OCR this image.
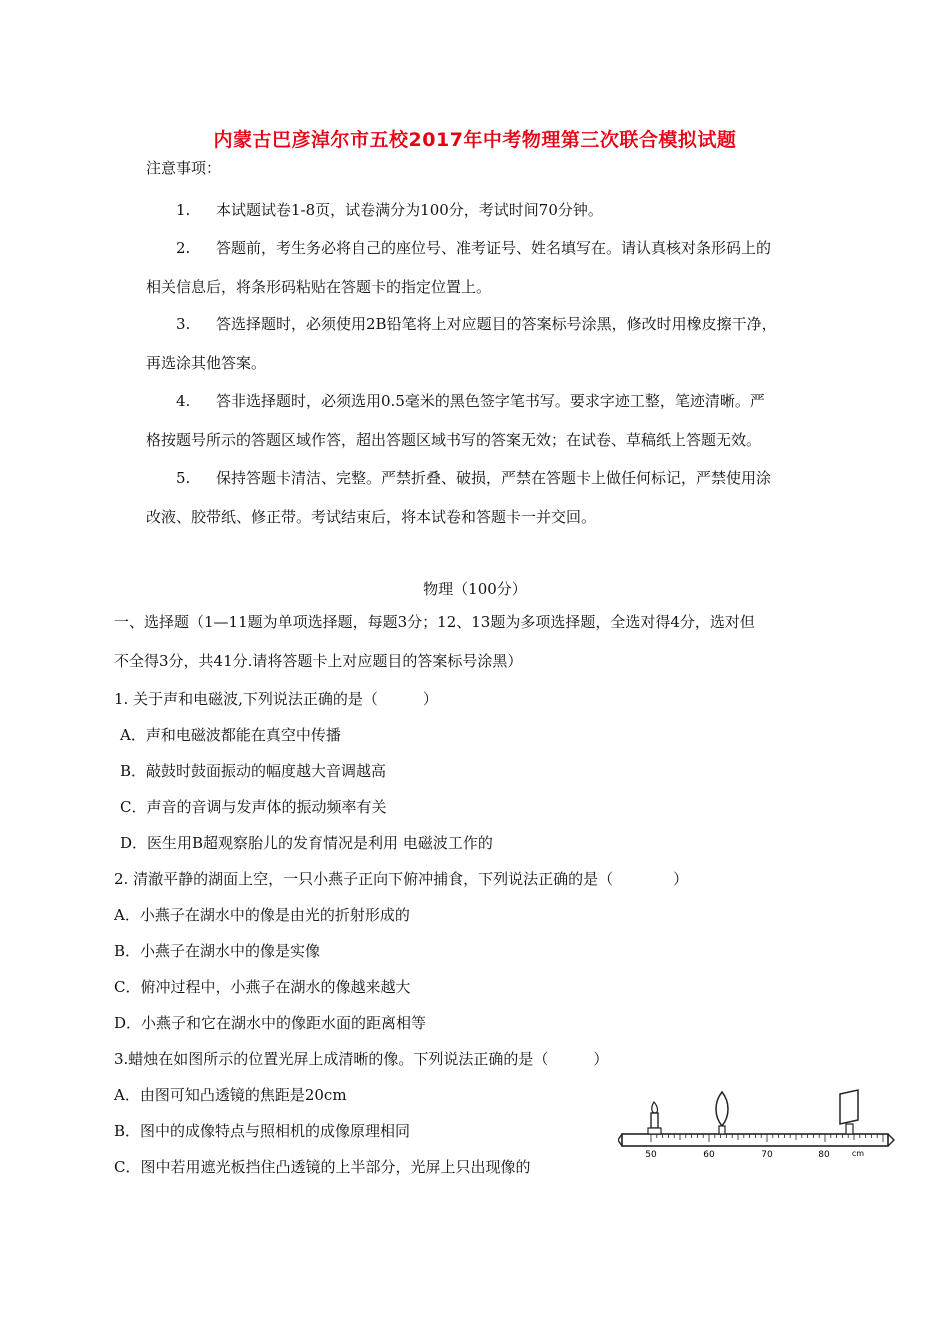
内蒙古巴彦淖尔市五校2017年中考物理第三次联合模拟试题
注意事项：
1. 本试题试卷1-8页，试卷满分为100分，考试时间70分钟。
2. 答题前，考生务必将自己的座位号、准考证号、姓名填写在。请认真核对条形码上的
相关信息后，将条形码粘贴在答题卡的指定位置上。
3. 答选择题时，必须使用2B铅笔将上对应题目的答案标号涂黑，修改时用橡皮擦干净，
再选涂其他答案。
4. 答非选择题时，必须选用0.5毫米的黑色签字笔书写。要求字迹工整，笔迹清晰。严
格按题号所示的答题区域作答，超出答题区域书写的答案无效；在试卷、草稿纸上答题无效。
5. 保持答题卡清洁、完整。严禁折叠、破损，严禁在答题卡上做任何标记，严禁使用涂
改液、胶带纸、修正带。考试结束后，将本试卷和答题卡一并交回。
物理（100分）
一、选择题（1—11题为单项选择题，每题3分；12、13题为多项选择题，全选对得4分，选对但
不全得3分，共41分.请将答题卡上对应题目的答案标号涂黑）
1. 关于声和电磁波,下列说法正确的是（　　　）
A．声和电磁波都能在真空中传播
B．敲鼓时鼓面振动的幅度越大音调越高
C．声音的音调与发声体的振动频率有关
D．医生用B超观察胎儿的发育情况是利用 电磁波工作的
2. 清澈平静的湖面上空，一只小燕子正向下俯冲捕食，下列说法正确的是（　　　　）
A．小燕子在湖水中的像是由光的折射形成的
B．小燕子在湖水中的像是实像
C．俯冲过程中，小燕子在湖水的像越来越大
D．小燕子和它在湖水中的像距水面的距离相等
3.蜡烛在如图所示的位置光屏上成清晰的像。下列说法正确的是（　　　）
A．由图可知凸透镜的焦距是20cm
B．图中的成像特点与照相机的成像原理相同
C．图中若用遮光板挡住凸透镜的上半部分，光屏上只出现像的
50	60	70	80	cm
